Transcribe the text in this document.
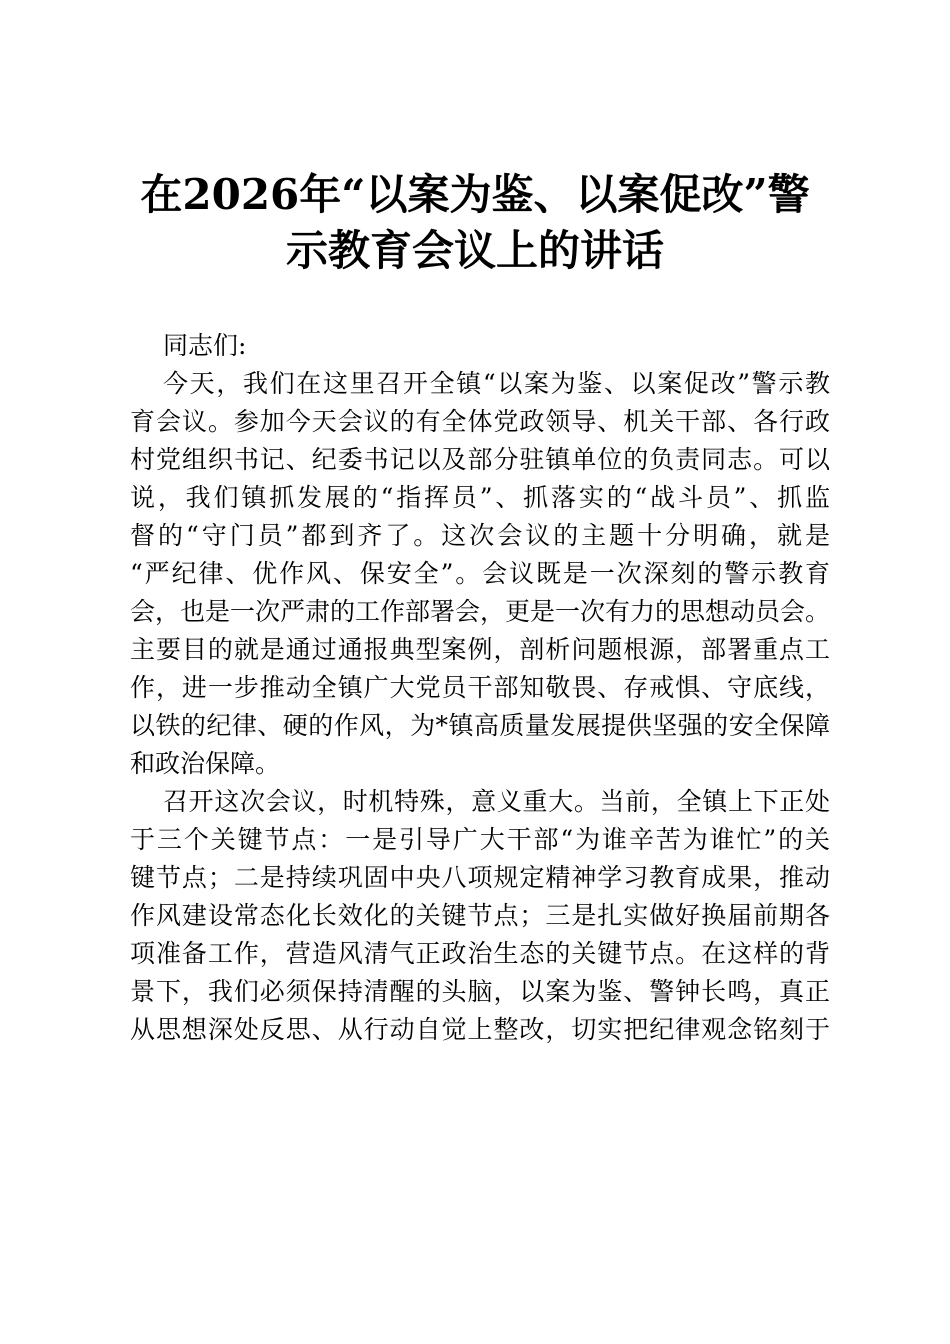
在2026年“以案为鉴、以案促改”警
示教育会议上的讲话
同志们:
今天，我们在这里召开全镇“以案为鉴、以案促改”警示教
育会议。参加今天会议的有全体党政领导、机关干部、各行政
村党组织书记、纪委书记以及部分驻镇单位的负责同志。可以
说，我们镇抓发展的“指挥员”、抓落实的“战斗员”、抓监
督的“守门员”都到齐了。这次会议的主题十分明确，就是
“严纪律、优作风、保安全”。会议既是一次深刻的警示教育
会，也是一次严肃的工作部署会，更是一次有力的思想动员会。
主要目的就是通过通报典型案例，剖析问题根源，部署重点工
作，进一步推动全镇广大党员干部知敬畏、存戒惧、守底线，
以铁的纪律、硬的作风，为*镇高质量发展提供坚强的安全保障
和政治保障。
召开这次会议，时机特殊，意义重大。当前，全镇上下正处
于三个关键节点：一是引导广大干部“为谁辛苦为谁忙”的关
键节点；二是持续巩固中央八项规定精神学习教育成果，推动
作风建设常态化长效化的关键节点；三是扎实做好换届前期各
项准备工作，营造风清气正政治生态的关键节点。在这样的背
景下，我们必须保持清醒的头脑，以案为鉴、警钟长鸣，真正
从思想深处反思、从行动自觉上整改，切实把纪律观念铭刻于
